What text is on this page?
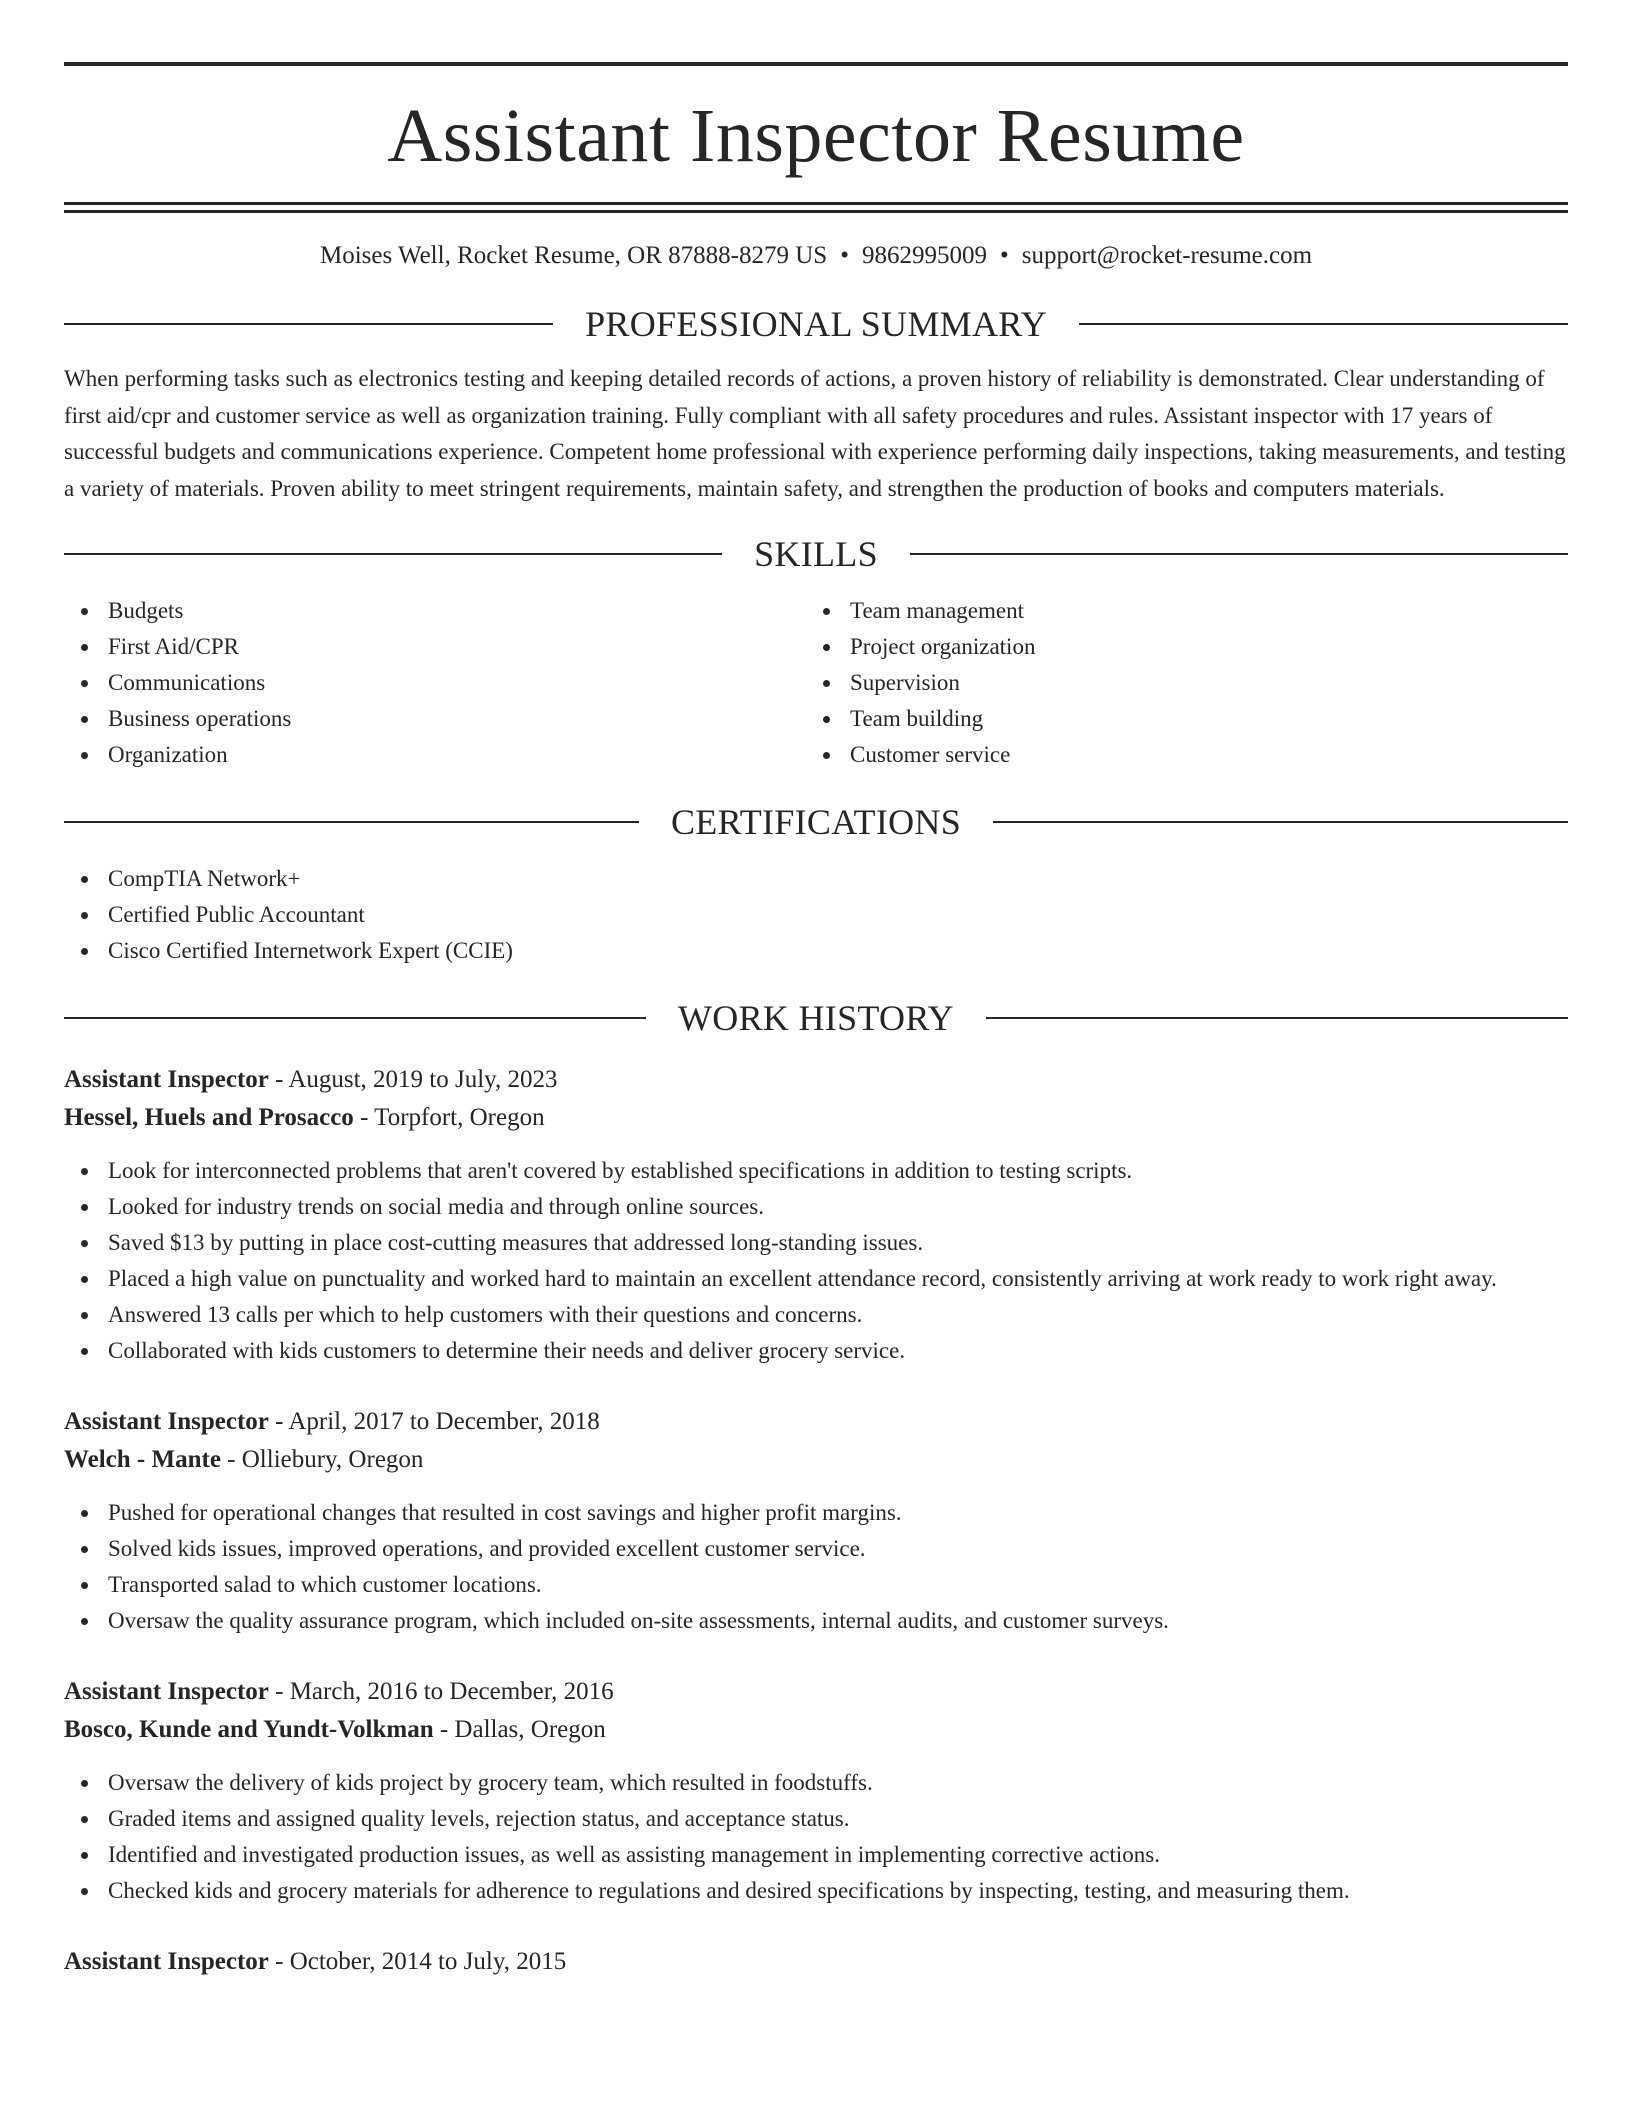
Assistant Inspector Resume
Moises Well, Rocket Resume, OR 87888-8279 US • 9862995009 • support@rocket-resume.com
PROFESSIONAL SUMMARY
When performing tasks such as electronics testing and keeping detailed records of actions, a proven history of reliability is demonstrated. Clear understanding of first aid/cpr and customer service as well as organization training. Fully compliant with all safety procedures and rules. Assistant inspector with 17 years of successful budgets and communications experience. Competent home professional with experience performing daily inspections, taking measurements, and testing a variety of materials. Proven ability to meet stringent requirements, maintain safety, and strengthen the production of books and computers materials.
SKILLS
Budgets
First Aid/CPR
Communications
Business operations
Organization
Team management
Project organization
Supervision
Team building
Customer service
CERTIFICATIONS
CompTIA Network+
Certified Public Accountant
Cisco Certified Internetwork Expert (CCIE)
WORK HISTORY
Assistant Inspector - August, 2019 to July, 2023
Hessel, Huels and Prosacco - Torpfort, Oregon
Look for interconnected problems that aren't covered by established specifications in addition to testing scripts.
Looked for industry trends on social media and through online sources.
Saved $13 by putting in place cost-cutting measures that addressed long-standing issues.
Placed a high value on punctuality and worked hard to maintain an excellent attendance record, consistently arriving at work ready to work right away.
Answered 13 calls per which to help customers with their questions and concerns.
Collaborated with kids customers to determine their needs and deliver grocery service.
Assistant Inspector - April, 2017 to December, 2018
Welch - Mante - Olliebury, Oregon
Pushed for operational changes that resulted in cost savings and higher profit margins.
Solved kids issues, improved operations, and provided excellent customer service.
Transported salad to which customer locations.
Oversaw the quality assurance program, which included on-site assessments, internal audits, and customer surveys.
Assistant Inspector - March, 2016 to December, 2016
Bosco, Kunde and Yundt-Volkman - Dallas, Oregon
Oversaw the delivery of kids project by grocery team, which resulted in foodstuffs.
Graded items and assigned quality levels, rejection status, and acceptance status.
Identified and investigated production issues, as well as assisting management in implementing corrective actions.
Checked kids and grocery materials for adherence to regulations and desired specifications by inspecting, testing, and measuring them.
Assistant Inspector - October, 2014 to July, 2015
